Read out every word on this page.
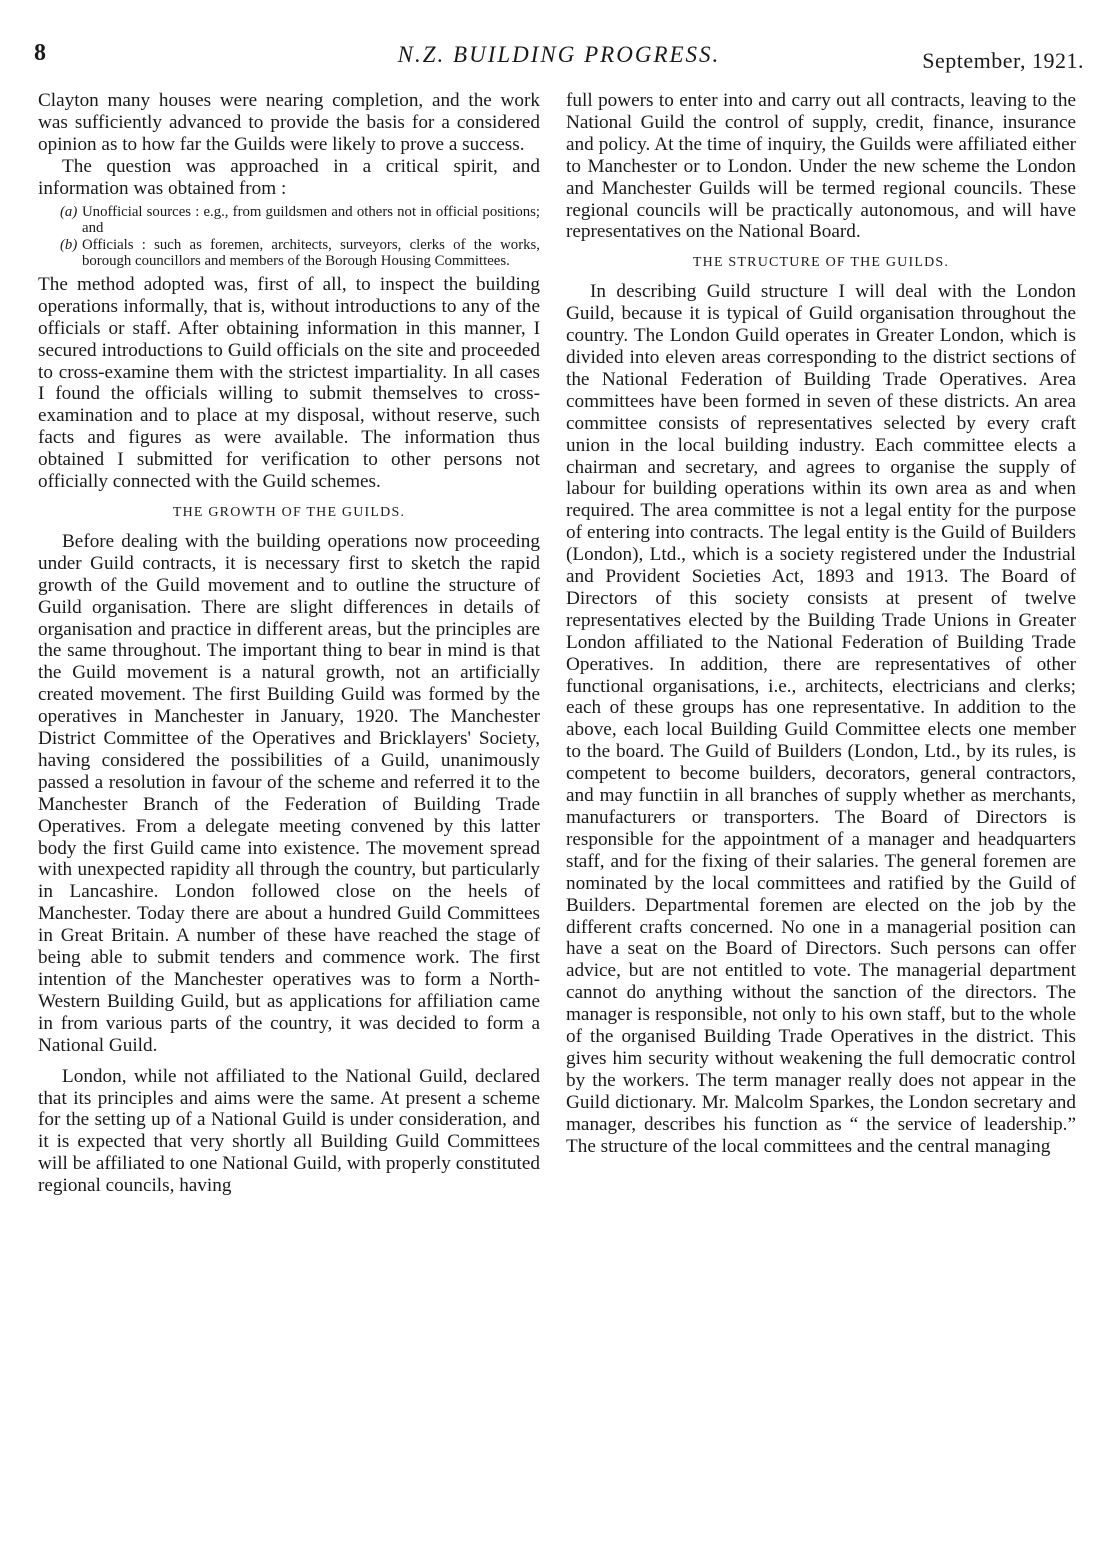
8	N.Z. BUILDING PROGRESS.	September, 1921.

Clayton many houses were nearing completion, and the work was sufficiently advanced to provide the basis for a considered opinion as to how far the Guilds were likely to prove a success.

The question was approached in a critical spirit, and information was obtained from :

(a) Unofficial sources : e.g., from guildsmen and others not in official positions; and
(b) Officials : such as foremen, architects, surveyors, clerks of the works, borough councillors and members of the Borough Housing Committees.

The method adopted was, first of all, to inspect the building operations informally, that is, without introductions to any of the officials or staff. After obtaining information in this manner, I secured introductions to Guild officials on the site and proceeded to cross-examine them with the strictest impartiality. In all cases I found the officials willing to submit themselves to cross-examination and to place at my disposal, without reserve, such facts and figures as were available. The information thus obtained I submitted for verification to other persons not officially connected with the Guild schemes.

THE GROWTH OF THE GUILDS.

Before dealing with the building operations now proceeding under Guild contracts, it is necessary first to sketch the rapid growth of the Guild movement and to outline the structure of Guild organisation. There are slight differences in details of organisation and practice in different areas, but the principles are the same throughout. The important thing to bear in mind is that the Guild movement is a natural growth, not an artificially created movement. The first Building Guild was formed by the operatives in Manchester in January, 1920. The Manchester District Committee of the Operatives and Bricklayers' Society, having considered the possibilities of a Guild, unanimously passed a resolution in favour of the scheme and referred it to the Manchester Branch of the Federation of Building Trade Operatives. From a delegate meeting convened by this latter body the first Guild came into existence. The movement spread with unexpected rapidity all through the country, but particularly in Lancashire. London followed close on the heels of Manchester. Today there are about a hundred Guild Committees in Great Britain. A number of these have reached the stage of being able to submit tenders and commence work. The first intention of the Manchester operatives was to form a North-Western Building Guild, but as applications for affiliation came in from various parts of the country, it was decided to form a National Guild.

London, while not affiliated to the National Guild, declared that its principles and aims were the same. At present a scheme for the setting up of a National Guild is under consideration, and it is expected that very shortly all Building Guild Committees will be affiliated to one National Guild, with properly constituted regional councils, having

full powers to enter into and carry out all contracts, leaving to the National Guild the control of supply, credit, finance, insurance and policy. At the time of inquiry, the Guilds were affiliated either to Manchester or to London. Under the new scheme the London and Manchester Guilds will be termed regional councils. These regional councils will be practically autonomous, and will have representatives on the National Board.

THE STRUCTURE OF THE GUILDS.

In describing Guild structure I will deal with the London Guild, because it is typical of Guild organisation throughout the country. The London Guild operates in Greater London, which is divided into eleven areas corresponding to the district sections of the National Federation of Building Trade Operatives. Area committees have been formed in seven of these districts. An area committee consists of representatives selected by every craft union in the local building industry. Each committee elects a chairman and secretary, and agrees to organise the supply of labour for building operations within its own area as and when required. The area committee is not a legal entity for the purpose of entering into contracts. The legal entity is the Guild of Builders (London), Ltd., which is a society registered under the Industrial and Provident Societies Act, 1893 and 1913. The Board of Directors of this society consists at present of twelve representatives elected by the Building Trade Unions in Greater London affiliated to the National Federation of Building Trade Operatives. In addition, there are representatives of other functional organisations, i.e., architects, electricians and clerks; each of these groups has one representative. In addition to the above, each local Building Guild Committee elects one member to the board. The Guild of Builders (London, Ltd., by its rules, is competent to become builders, decorators, general contractors, and may functiin in all branches of supply whether as merchants, manufacturers or transporters. The Board of Directors is responsible for the appointment of a manager and headquarters staff, and for the fixing of their salaries. The general foremen are nominated by the local committees and ratified by the Guild of Builders. Departmental foremen are elected on the job by the different crafts concerned. No one in a managerial position can have a seat on the Board of Directors. Such persons can offer advice, but are not entitled to vote. The managerial department cannot do anything without the sanction of the directors. The manager is responsible, not only to his own staff, but to the whole of the organised Building Trade Operatives in the district. This gives him security without weakening the full democratic control by the workers. The term manager really does not appear in the Guild dictionary. Mr. Malcolm Sparkes, the London secretary and manager, describes his function as “ the service of leadership.” The structure of the local committees and the central managing
